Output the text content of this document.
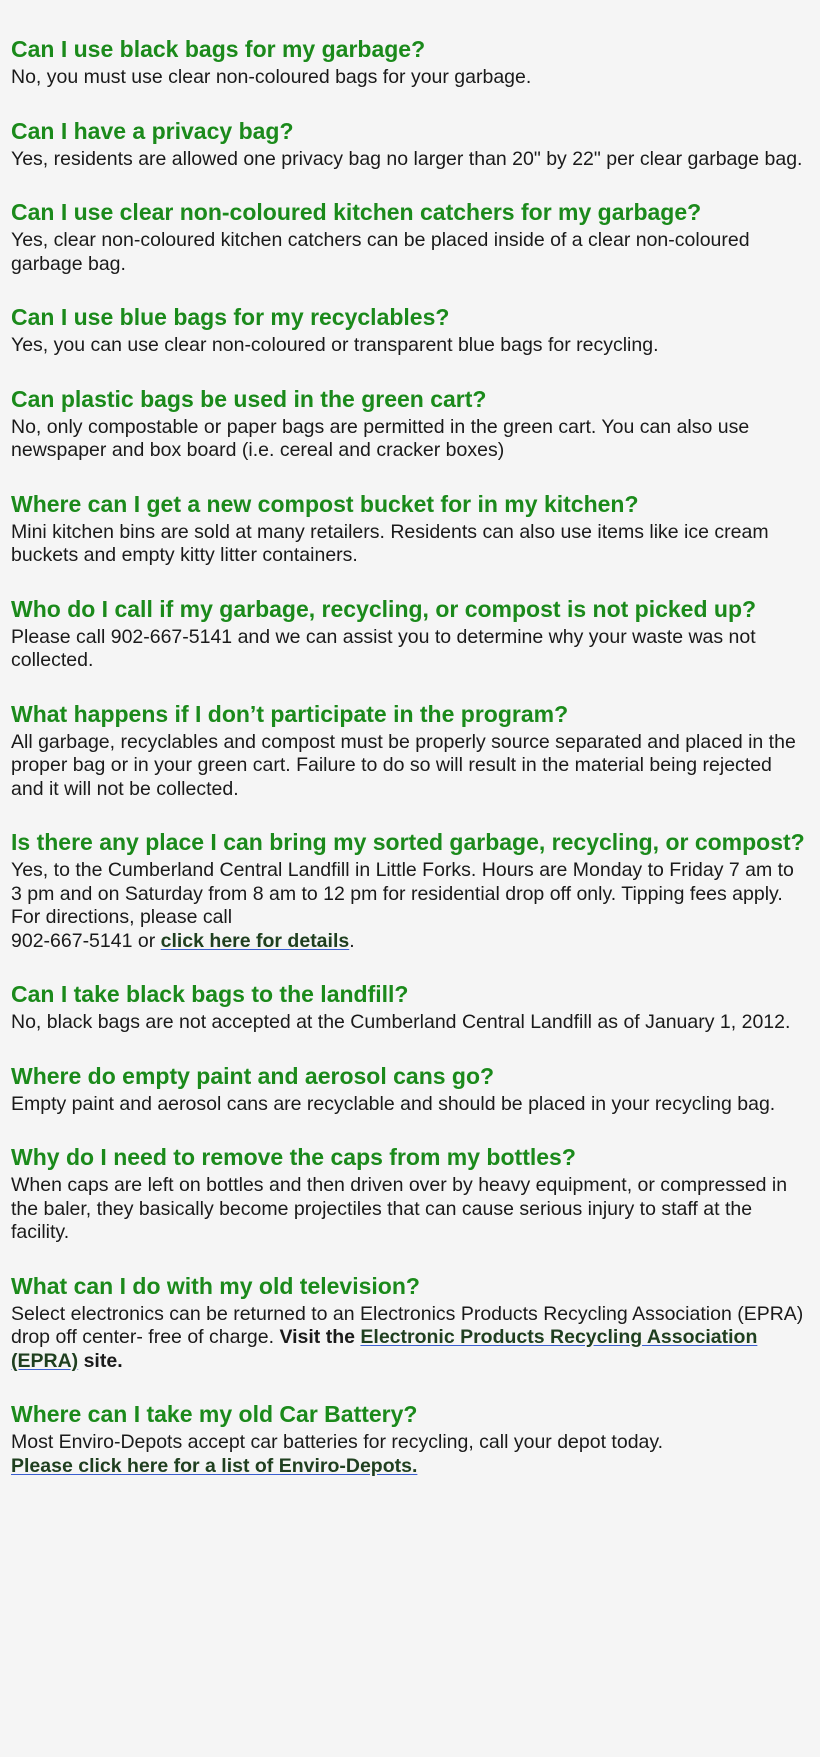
Can I use black bags for my garbage?

No, you must use clear non-coloured bags for your garbage.

Can I have a privacy bag?

Yes, residents are allowed one privacy bag no larger than 20" by 22" per clear garbage bag.

Can I use clear non-coloured kitchen catchers for my garbage?

Yes, clear non-coloured kitchen catchers can be placed inside of a clear non-coloured garbage bag.

Can I use blue bags for my recyclables?

Yes, you can use clear non-coloured or transparent blue bags for recycling.

Can plastic bags be used in the green cart?

No, only compostable or paper bags are permitted in the green cart. You can also use newspaper and box board (i.e. cereal and cracker boxes)

Where can I get a new compost bucket for in my kitchen?

Mini kitchen bins are sold at many retailers. Residents can also use items like ice cream buckets and empty kitty litter containers.

Who do I call if my garbage, recycling, or compost is not picked up?

Please call 902-667-5141 and we can assist you to determine why your waste was not collected.

What happens if I don’t participate in the program?

All garbage, recyclables and compost must be properly source separated and placed in the proper bag or in your green cart. Failure to do so will result in the material being rejected and it will not be collected.

Is there any place I can bring my sorted garbage, recycling, or compost?

Yes, to the Cumberland Central Landfill in Little Forks. Hours are Monday to Friday 7 am to 3 pm and on Saturday from 8 am to 12 pm for residential drop off only. Tipping fees apply. For directions, please call
902-667-5141 or click here for details.

Can I take black bags to the landfill?

No, black bags are not accepted at the Cumberland Central Landfill as of January 1, 2012.

Where do empty paint and aerosol cans go?

Empty paint and aerosol cans are recyclable and should be placed in your recycling bag.

Why do I need to remove the caps from my bottles?

When caps are left on bottles and then driven over by heavy equipment, or compressed in the baler, they basically become projectiles that can cause serious injury to staff at the facility.

What can I do with my old television?

Select electronics can be returned to an Electronics Products Recycling Association (EPRA) drop off center- free of charge. Visit the Electronic Products Recycling Association (EPRA) site.

Where can I take my old Car Battery?

Most Enviro-Depots accept car batteries for recycling, call your depot today.
Please click here for a list of Enviro-Depots.
